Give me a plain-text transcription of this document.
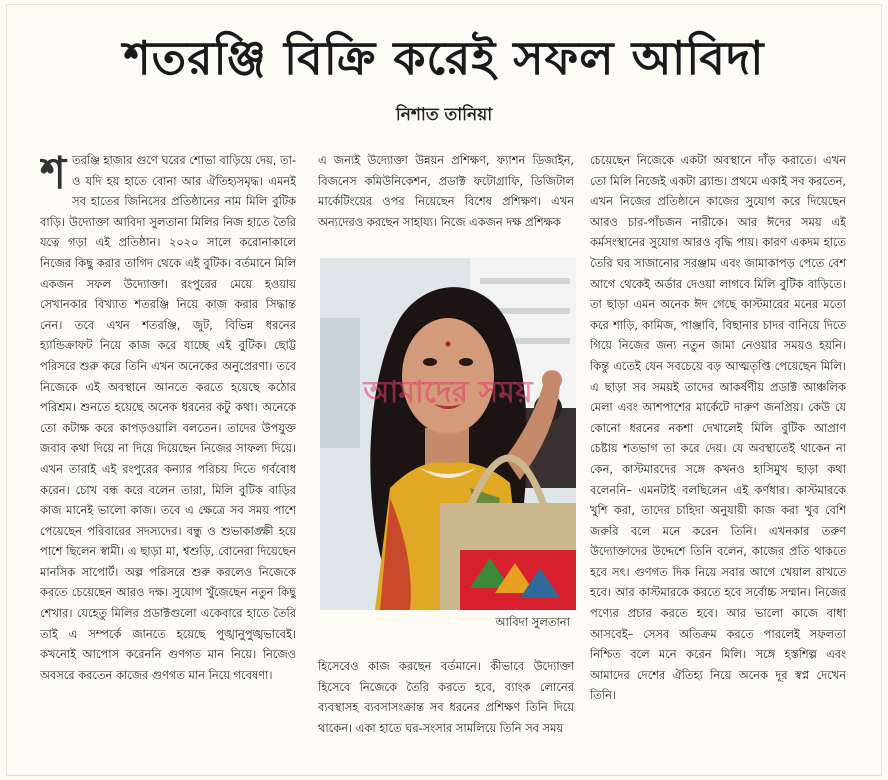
শতরঞ্জি বিক্রি করেই সফল আবিদা
নিশাত তানিয়া
শ তরঞ্জি হাজার গুণে ঘরের শোভা বাড়িয়ে দেয়, তা-ও যদি হয় হাতে বোনা আর ঐতিহ্যসমৃদ্ধ। এমনই সব হাতের জিনিসের প্রতিষ্ঠানের নাম মিলি বুটিক বাড়ি। উদ্যোক্তা আবিদা সুলতানা মিলির নিজ হাতে তৈরি যত্নে গড়া এই প্রতিষ্ঠান। ২০২০ সালে করোনাকালে নিজের কিছু করার তাগিদ থেকে এই বুটিক। বর্তমানে মিলি একজন সফল উদ্যোক্তা। রংপুরের মেয়ে হওয়ায় সেখানকার বিখ্যাত শতরঞ্জি নিয়ে কাজ করার সিদ্ধান্ত নেন। তবে এখন শতরঞ্জি, জুট, বিভিন্ন ধরনের হ্যান্ডিক্রাফট নিয়ে কাজ করে যাচ্ছে এই বুটিক। ছোট্ট পরিসরে শুরু করে তিনি এখন অনেকের অনুপ্রেরণা। তবে নিজেকে এই অবস্থানে আনতে করতে হয়েছে কঠোর পরিশ্রম। শুনতে হয়েছে অনেক ধরনের কটু কথা। অনেকে তো কটাক্ষ করে কাপড়ওয়ালি বলতেন। তাদের উপযুক্ত জবাব কথা দিয়ে না দিয়ে দিয়েছেন নিজের সাফল্য দিয়ে। এখন তারাই এই রংপুরের কন্যার পরিচয় দিতে গর্ববোধ করেন। চোখ বন্ধ করে বলেন তারা, মিলি বুটিক বাড়ির কাজ মানেই ভালো কাজ। তবে এ ক্ষেত্রে সব সময় পাশে পেয়েছেন পরিবারের সদস্যদের। বন্ধু ও শুভাকাঙ্ক্ষী হয়ে পাশে ছিলেন স্বামী। এ ছাড়া মা, শ্বশুড়ি, বোনেরা দিয়েছেন মানসিক সাপোর্ট। অল্প পরিসরে শুরু করলেও নিজেকে করতে চেয়েছেন আরও দক্ষ। সুযোগ খুঁজেছেন নতুন কিছু শেখার। যেহেতু মিলির প্রডাক্টগুলো একেবারে হাতে তৈরি তাই এ সম্পর্কে জানতে হয়েছে পুঙ্খানুপুঙ্খভাবেই। কখনোই আপোস করেননি গুণগত মান নিয়ে। নিজেও অবসরে করতেন কাজের গুণগত মান নিয়ে গবেষণা।
এ জন্যই উদ্যোক্তা উন্নয়ন প্রশিক্ষণ, ফ্যাশন ডিজাইন, বিজনেস কমিউনিকেশন, প্রডাক্ট ফটোগ্রাফি, ডিজিটাল মার্কেটিংয়ের ওপর নিয়েছেন বিশেষ প্রশিক্ষণ। এখন অন্যদেরও করছেন সাহায্য। নিজে একজন দক্ষ প্রশিক্ষক
আমাদের সময়
আবিদা সুলতানা
হিসেবেও কাজ করছেন বর্তমানে। কীভাবে উদ্যোক্তা হিসেবে নিজেকে তৈরি করতে হবে, ব্যাংক লোনের ব্যবস্থাসহ ব্যবসাসংক্রান্ত সব ধরনের প্রশিক্ষণ তিনি দিয়ে থাকেন। একা হাতে ঘর-সংসার সামলিয়ে তিনি সব সময়
চেয়েছেন নিজেকে একটা অবস্থানে দাঁড় করাতে। এখন তো মিলি নিজেই একটা ব্র্যান্ড। প্রথমে একাই সব করতেন, এখন নিজের প্রতিষ্ঠানে কাজের সুযোগ করে দিয়েছেন আরও চার-পাঁচজন নারীকে। আর ঈদের সময় এই কর্মসংস্থানের সুযোগ আরও বৃদ্ধি পায়। কারণ একদম হাতে তৈরি ঘর সাজানোর সরঞ্জাম এবং জামাকাপড় পেতে বেশ আগে থেকেই অর্ডার দেওয়া লাগবে মিলি বুটিক বাড়িতে। তা ছাড়া এমন অনেক ঈদ গেছে কাস্টমারের মনের মতো করে শাড়ি, কামিজ, পাঞ্জাবি, বিছানার চাদর বানিয়ে দিতে গিয়ে নিজের জন্য নতুন জামা নেওয়ার সময়ও হয়নি। কিন্তু এতেই যেন সবচেয়ে বড় আত্মতৃপ্তি পেয়েছেন মিলি। এ ছাড়া সব সময়ই তাদের আকর্ষণীয় প্রডাক্ট আঞ্চলিক মেলা এবং আশপাশের মার্কেটে দারুণ জনপ্রিয়। কেউ যে কোনো ধরনের নকশা দেখালেই মিলি বুটিক আপ্রাণ চেষ্টায় শতভাগ তা করে দেয়। যে অবস্থাতেই থাকেন না কেন, কাস্টমারদের সঙ্গে কখনও হাসিমুখ ছাড়া কথা বলেননি– এমনটাই বলছিলেন এই কর্ণধার। কাস্টমারকে খুশি করা, তাদের চাহিদা অনুযায়ী কাজ করা খুব বেশি জরুরি বলে মনে করেন তিনি। এখনকার তরুণ উদ্যোক্তাদের উদ্দেশে তিনি বলেন, কাজের প্রতি থাকতে হবে সৎ। গুণগত দিক নিয়ে সবার আগে খেয়াল রাখতে হবে। আর কাস্টমারকে করতে হবে সর্বোচ্চ সম্মান। নিজের পণ্যের প্রচার করতে হবে। আর ভালো কাজে বাধা আসবেই– সেসব অতিক্রম করতে পারলেই সফলতা নিশ্চিত বলে মনে করেন মিলি। সঙ্গে হস্তশিল্প এবং আমাদের দেশের ঐতিহ্য নিয়ে অনেক দূর স্বপ্ন দেখেন তিনি।
